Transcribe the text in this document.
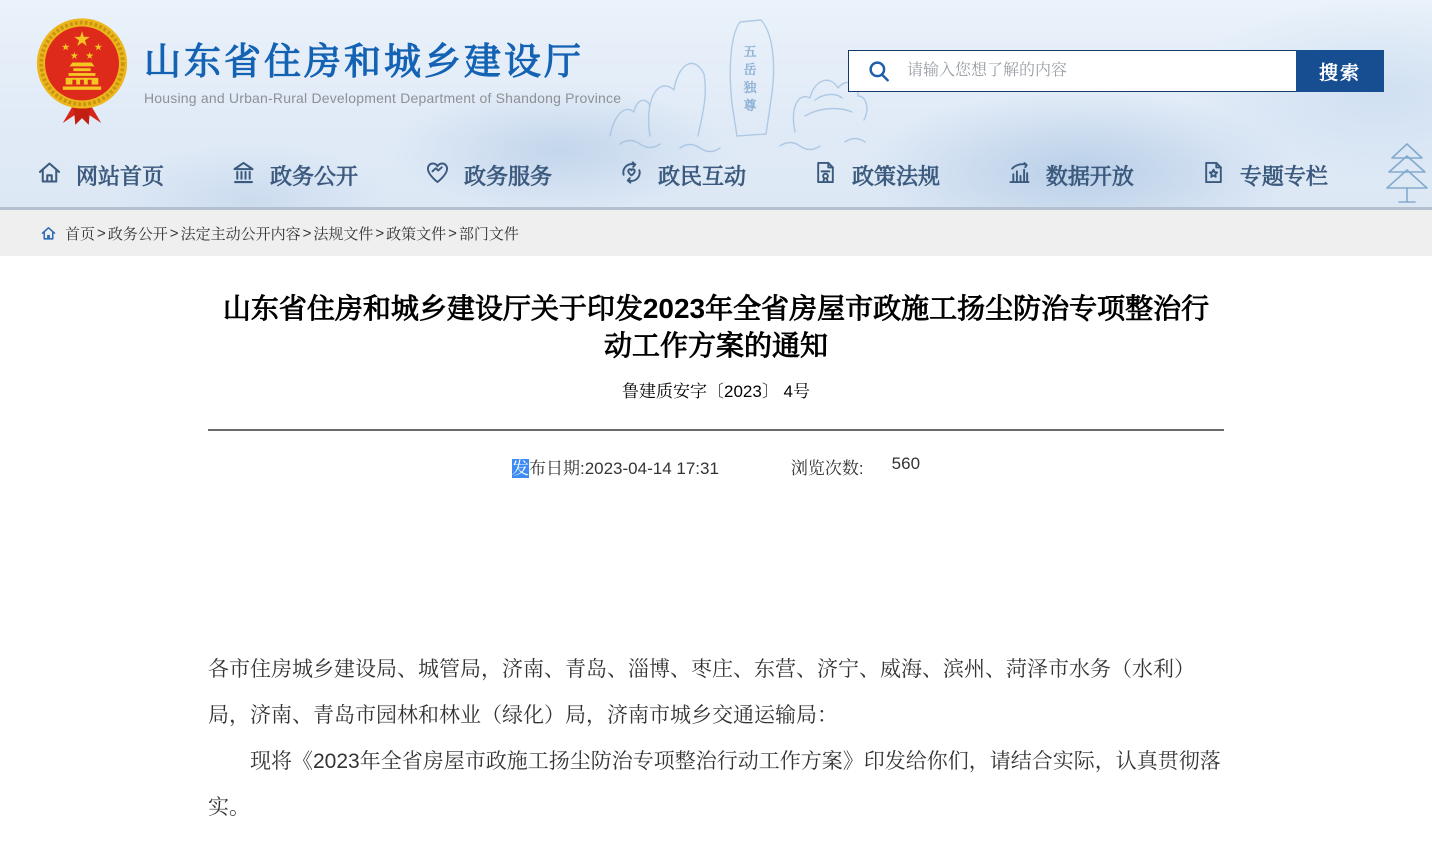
五
岳
独
尊
山东省住房和城乡建设厅
Housing and Urban-Rural Development Department of Shandong Province
请输入您想了解的内容
搜索
网站首页	政务公开	政务服务	政民互动	政策法规	数据开放	专题专栏
首页 > 政务公开 > 法定主动公开内容 > 法规文件 > 政策文件 > 部门文件
山东省住房和城乡建设厅关于印发2023年全省房屋市政施工扬尘防治专项整治行动工作方案的通知
鲁建质安字〔2023〕 4号
发布日期:2023-04-14 17:31	浏览次数: 560

各市住房城乡建设局、城管局，济南、青岛、淄博、枣庄、东营、济宁、威海、滨州、菏泽市水务（水利）局，济南、青岛市园林和林业（绿化）局，济南市城乡交通运输局：

现将《2023年全省房屋市政施工扬尘防治专项整治行动工作方案》印发给你们，请结合实际，认真贯彻落实。
